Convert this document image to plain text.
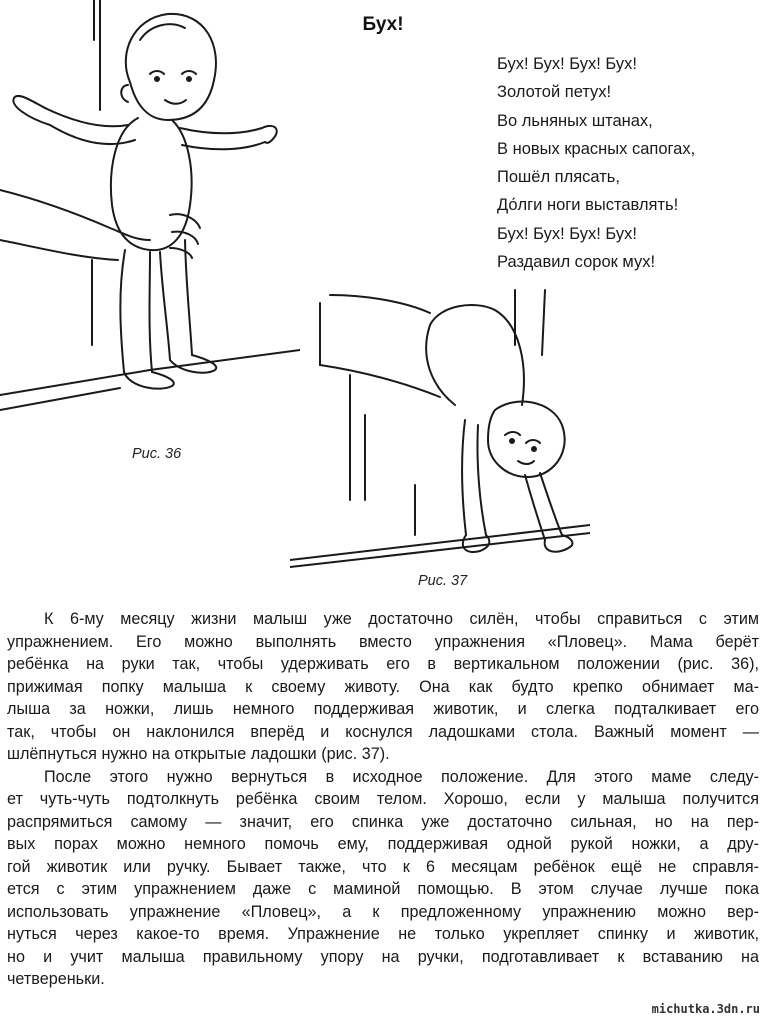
Бух!
Бух! Бух! Бух! Бух!
Золотой петух!
Во льняных штанах,
В новых красных сапогах,
Пошёл плясать,
До́лги ноги выставлять!
Бух! Бух! Бух! Бух!
Раздавил сорок мух!
Рис. 36
Рис. 37
К 6-му месяцу жизни малыш уже достаточно силён, чтобы справиться с этим
упражнением. Его можно выполнять вместо упражнения «Пловец». Мама берёт
ребёнка на руки так, чтобы удерживать его в вертикальном положении (рис. 36),
прижимая попку малыша к своему животу. Она как будто крепко обнимает ма-
лыша за ножки, лишь немного поддерживая животик, и слегка подталкивает его
так, чтобы он наклонился вперёд и коснулся ладошками стола. Важный момент —
шлёпнуться нужно на открытые ладошки (рис. 37).
После этого нужно вернуться в исходное положение. Для этого маме следу-
ет чуть-чуть подтолкнуть ребёнка своим телом. Хорошо, если у малыша получится
распрямиться самому — значит, его спинка уже достаточно сильная, но на пер-
вых порах можно немного помочь ему, поддерживая одной рукой ножки, а дру-
гой животик или ручку. Бывает также, что к 6 месяцам ребёнок ещё не справля-
ется с этим упражнением даже с маминой помощью. В этом случае лучше пока
использовать упражнение «Пловец», а к предложенному упражнению можно вер-
нуться через какое-то время. Упражнение не только укрепляет спинку и животик,
но и учит малыша правильному упору на ручки, подготавливает к вставанию на
четвереньки.
michutka.3dn.ru
